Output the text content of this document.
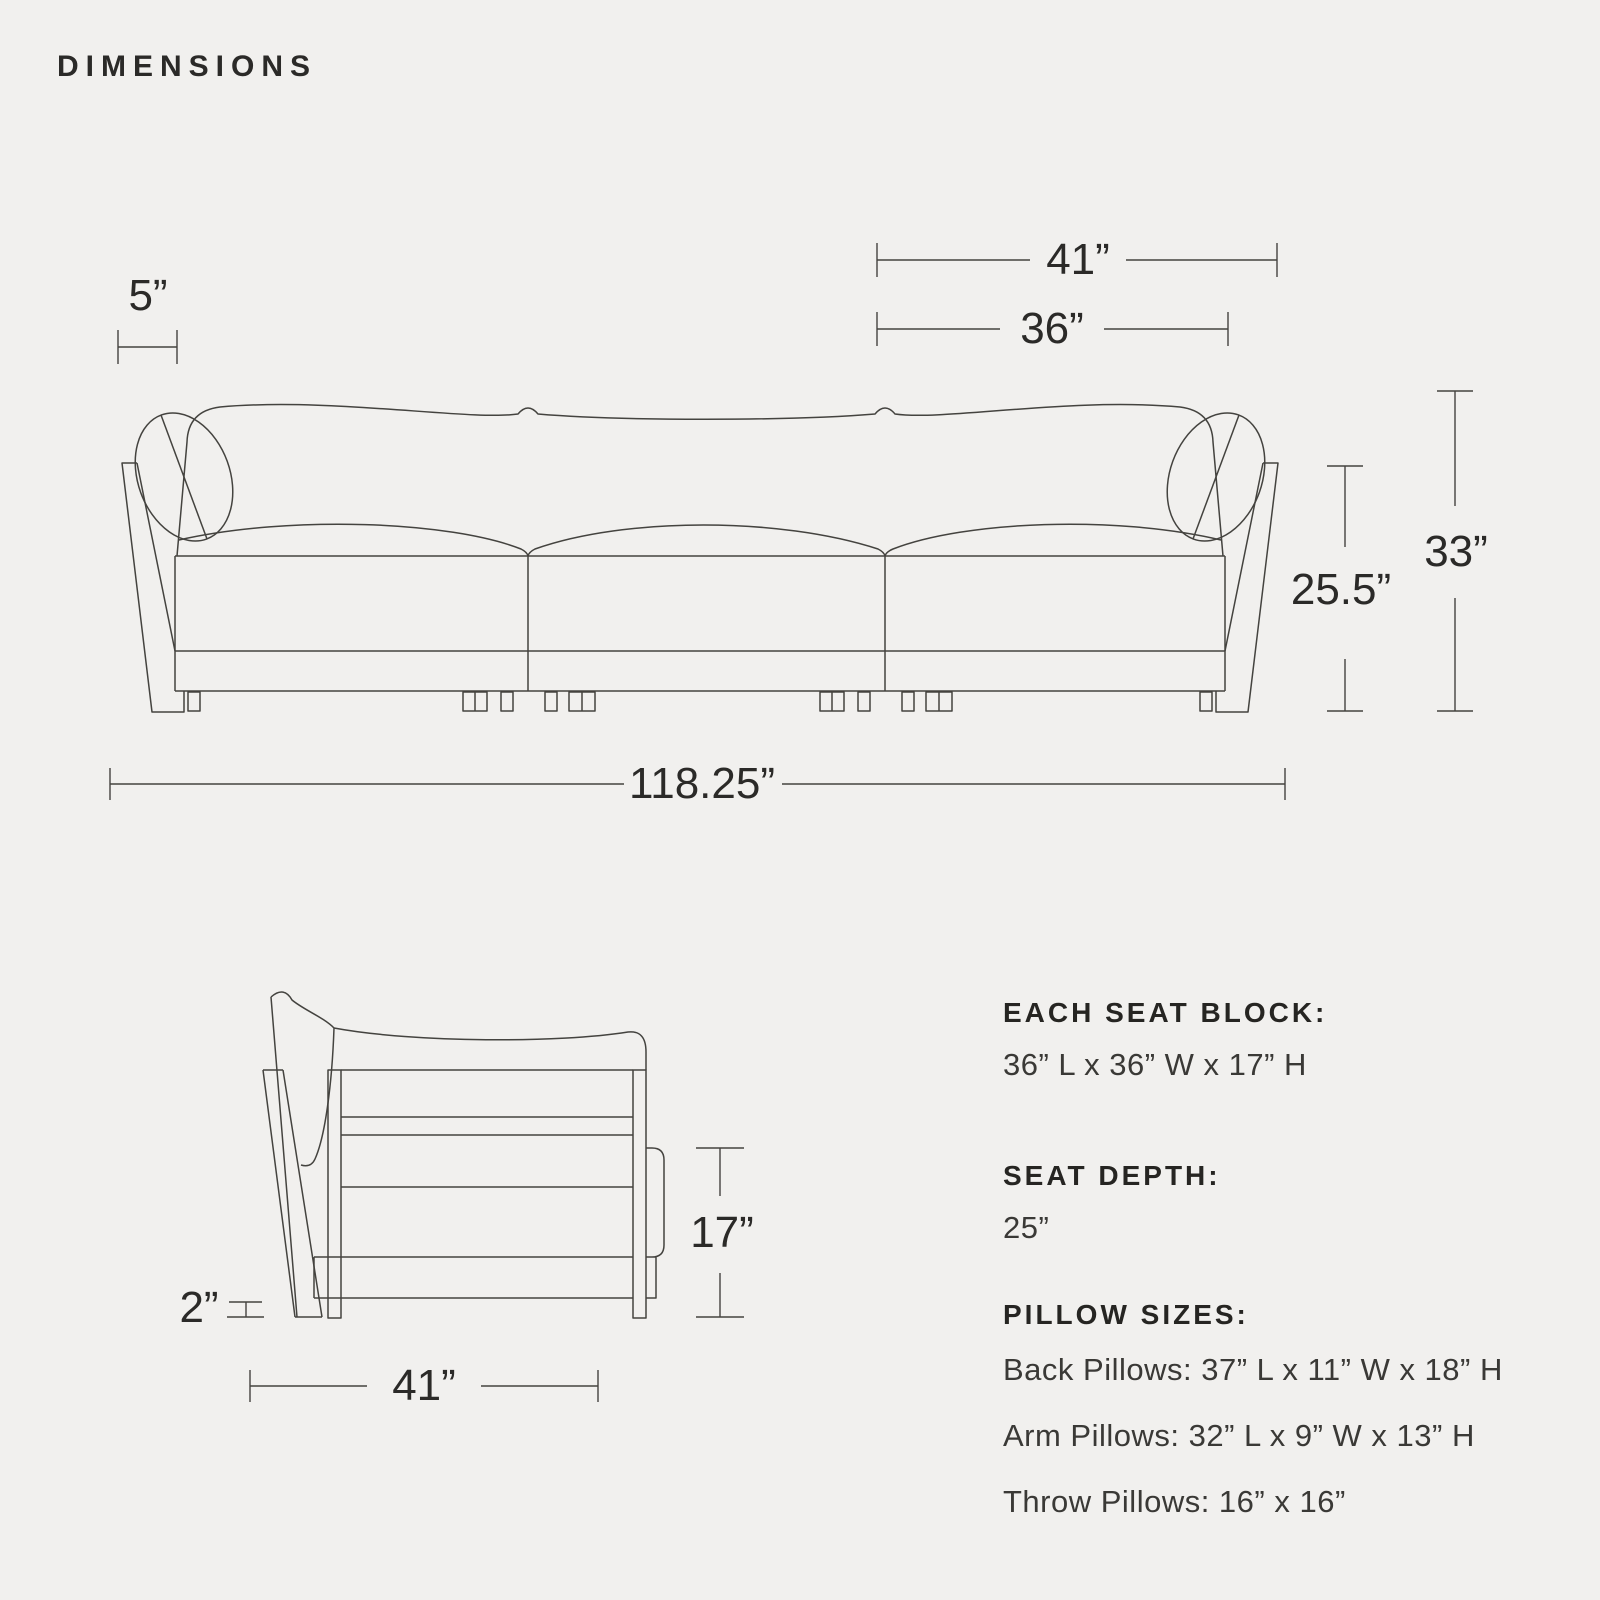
DIMENSIONS
5”
41”
36”
25.5”
33”
118.25”
2”
17”
41”

EACH SEAT BLOCK:

36” L x 36” W x 17” H

SEAT DEPTH:

25”

PILLOW SIZES:

Back Pillows: 37” L x 11” W x 18” H

Arm Pillows: 32” L x 9” W x 13” H

Throw Pillows: 16” x 16”
